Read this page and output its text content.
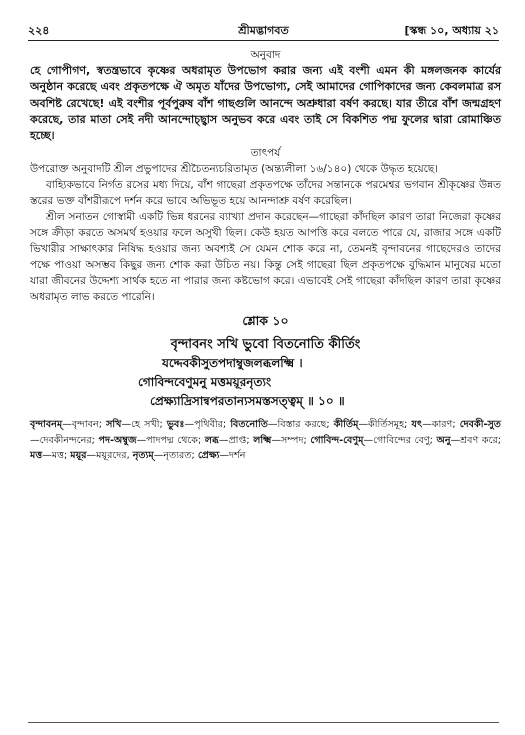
২২৪	শ্রীমদ্ভাগবত	[স্কন্ধ ১০, অধ্যায় ২১
অনুবাদ

হে গোপীগণ, স্বতন্ত্রভাবে কৃষ্ণের অধরামৃত উপভোগ করার জন্য এই বংশী এমন কী মঙ্গলজনক কার্যের অনুষ্ঠান করেছে এবং প্রকৃতপক্ষে ঐ অমৃত যাঁদের উপভোগ্য, সেই আমাদের গোপিকাদের জন্য কেবলমাত্র রস অবশিষ্ট রেখেছে! এই বংশীর পূর্বপুরুষ বাঁশ গাছগুলি আনন্দে অশ্রুধারা বর্ষণ করছে। যার তীরে বাঁশ জন্মগ্রহণ করেছে, তার মাতা সেই নদী আনন্দোচ্ছ্বাস অনুভব করে এবং তাই সে বিকশিত পদ্ম ফুলের দ্বারা রোমাঞ্চিত হচ্ছে।

তাৎপর্য

উপরোক্ত অনুবাদটি শ্রীল প্রভুপাদের শ্রীচৈতন্যচরিতামৃত (অন্ত্যলীলা ১৬/১৪০) থেকে উদ্ধৃত হয়েছে।

বাহ্যিকভাবে নির্গত রসের মধ্য দিয়ে, বাঁশ গাছেরা প্রকৃতপক্ষে তাঁদের সন্তানকে পরমেশ্বর ভগবান শ্রীকৃষ্ণের উন্নত স্তরের ভক্ত বাঁশরীরূপে দর্শন করে ভাবে অভিভূত হয়ে আনন্দাশ্রু বর্ষণ করেছিল।

শ্রীল সনাতন গোস্বামী একটি ভিন্ন ধরনের ব্যাখ্যা প্রদান করেছেন—গাছেরা কাঁদছিল কারণ তারা নিজেরা কৃষ্ণের সঙ্গে ক্রীড়া করতে অসমর্থ হওয়ার ফলে অসুখী ছিল। কেউ হয়ত আপত্তি করে বলতে পারে যে, রাজার সঙ্গে একটি ভিখারীর সাক্ষাৎকার নিষিদ্ধ হওয়ার জন্য অবশ্যই সে যেমন শোক করে না, তেমনই বৃন্দাবনের গাছেদেরও তাদের পক্ষে পাওয়া অসম্ভব কিছুর জন্য শোক করা উচিত নয়। কিন্তু সেই গাছেরা ছিল প্রকৃতপক্ষে বুদ্ধিমান মানুষের মতো যারা জীবনের উদ্দেশ্য সার্থক হতে না পারার জন্য কষ্টভোগ করে। এভাবেই সেই গাছেরা কাঁদছিল কারণ তারা কৃষ্ণের অধরামৃত লাভ করতে পারেনি।

শ্লোক ১০
বৃন্দাবনং সখি ভুবো বিতনোতি কীর্তিং
যদ্দেবকীসুতপদাম্বুজলব্ধলক্ষ্মি ।
গোবিন্দবেণুমনু মত্তময়ূরনৃত্যং
প্রেক্ষ্যাদ্রিসান্বপরতান্যসমস্তসত্ত্বম্ ॥ ১০ ॥
বৃন্দাবনম্—বৃন্দাবন; সখি—হে সখী; ভুবঃ—পৃথিবীর; বিতনোতি—বিস্তার করছে; কীর্তিম্—কীর্তিসমূহ; যৎ—কারণ; দেবকী-সুত—দেবকীনন্দনের; পদ-অম্বুজ—পাদপদ্ম থেকে; লব্ধ—প্রাপ্ত; লক্ষ্মি—সম্পদ; গোবিন্দ-বেণুম্—গোবিন্দের বেণু; অনু—শ্রবণ করে; মত্ত—মত্ত; ময়ূর—ময়ূরদের, নৃত্যম্—নৃত্যরত; প্রেক্ষ্য—দর্শন
